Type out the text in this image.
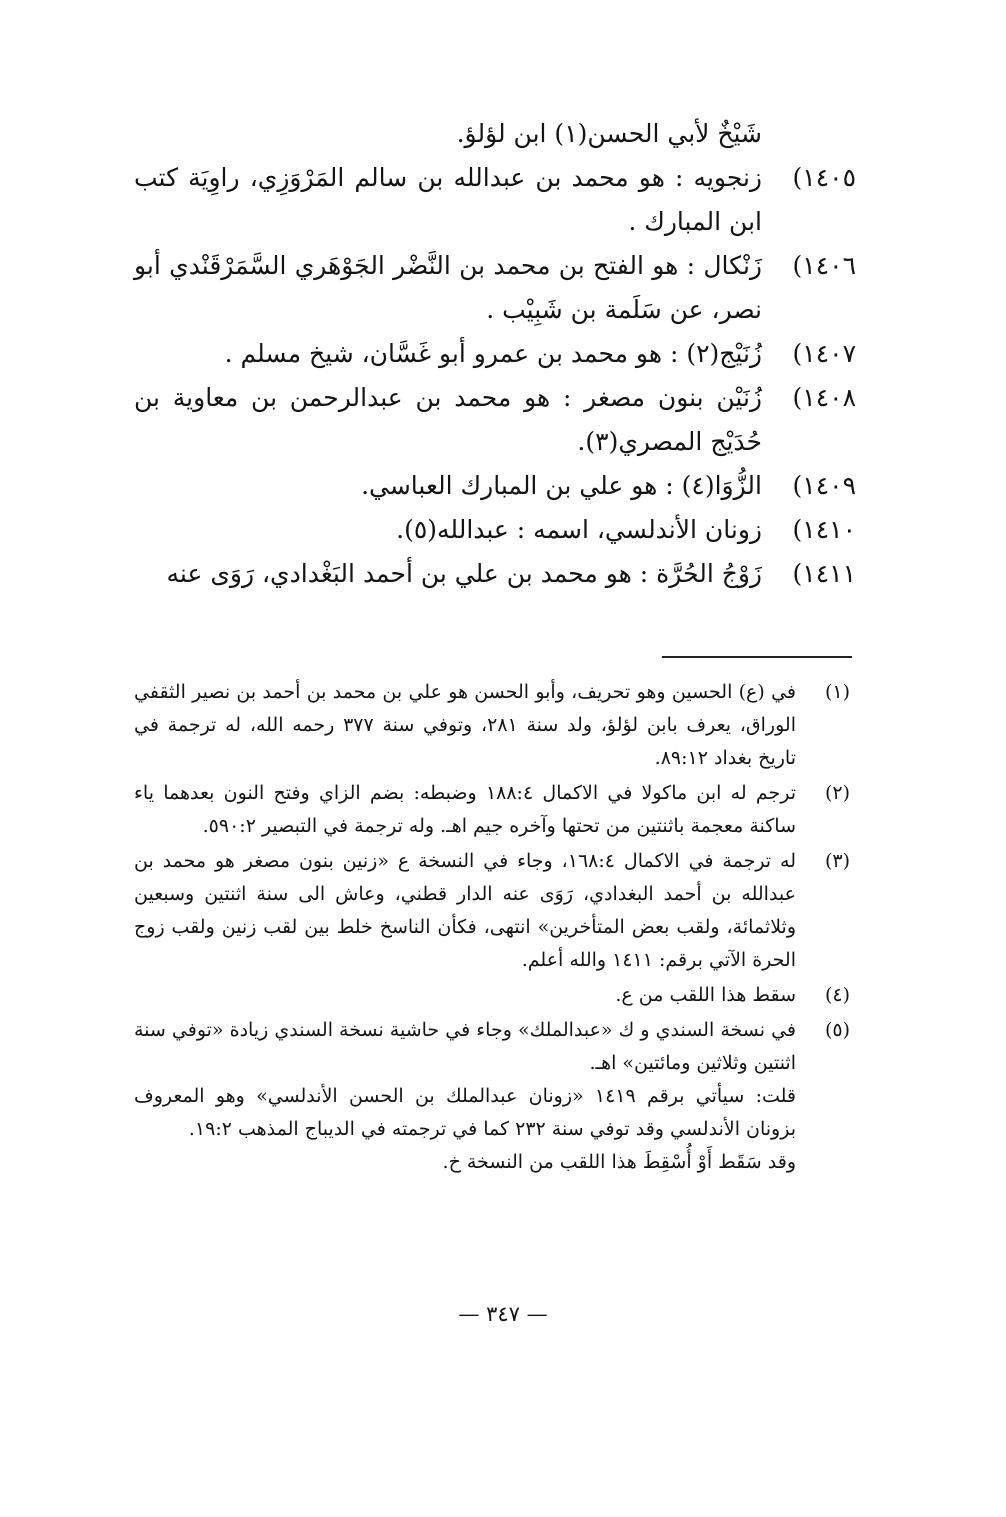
شَيْخٌ لأبي الحسن(١) ابن لؤلؤ.

١٤٠٥)
زنجويه : هو محمد بن عبدالله بن سالم المَرْوَزِي، راوِيَة كتب ابن المبارك .

١٤٠٦)
زَنْكال : هو الفتح بن محمد بن النَّضْر الجَوْهَري السَّمَرْقَنْدي أبو نصر، عن سَلَمة بن شَبِيْب .

١٤٠٧)
زُنَيْج(٢) : هو محمد بن عمرو أبو غَسَّان، شيخ مسلم .

١٤٠٨)
زُنَيْن بنون مصغر : هو محمد بن عبدالرحمن بن معاوية بن حُدَيْج المصري(٣).

١٤٠٩)
الزُّوَا(٤) : هو علي بن المبارك العباسي.

١٤١٠)
زونان الأندلسي، اسمه : عبدالله(٥).

١٤١١)
زَوْجُ الحُرَّة : هو محمد بن علي بن أحمد البَغْدادي، رَوَى عنه

(١)

في (ع) الحسين وهو تحريف، وأبو الحسن هو علي بن محمد بن أحمد بن نصير الثقفي الوراق، يعرف بابن لؤلؤ، ولد سنة ٢٨١، وتوفي سنة ٣٧٧ رحمه الله، له ترجمة في تاريخ بغداد ٨٩:١٢.

(٢)

ترجم له ابن ماكولا في الاكمال ١٨٨:٤ وضبطه: بضم الزاي وفتح النون بعدهما ياء ساكنة معجمة باثنتين من تحتها وآخره جيم اهـ. وله ترجمة في التبصير ٥٩٠:٢.

(٣)

له ترجمة في الاكمال ١٦٨:٤، وجاء في النسخة ع «زنين بنون مصغر هو محمد بن عبدالله بن أحمد البغدادي، رَوَى عنه الدار قطني، وعاش الى سنة اثنتين وسبعين وثلاثمائة، ولقب بعض المتأخرين» انتهى، فكأن الناسخ خلط بين لقب زنين ولقب زوج الحرة الآتي برقم: ١٤١١ والله أعلم.

(٤)

سقط هذا اللقب من ع.

(٥)

في نسخة السندي و ك «عبدالملك» وجاء في حاشية نسخة السندي زيادة «توفي سنة اثنتين وثلاثين ومائتين» اهـ.

قلت: سيأتي برقم ١٤١٩ «زونان عبدالملك بن الحسن الأندلسي» وهو المعروف بزونان الأندلسي وقد توفي سنة ٢٣٢ كما في ترجمته في الديباج المذهب ١٩:٢.

وقد سَقَط أَوْ أُسْقِطَ هذا اللقب من النسخة خ.

— ٣٤٧ —
